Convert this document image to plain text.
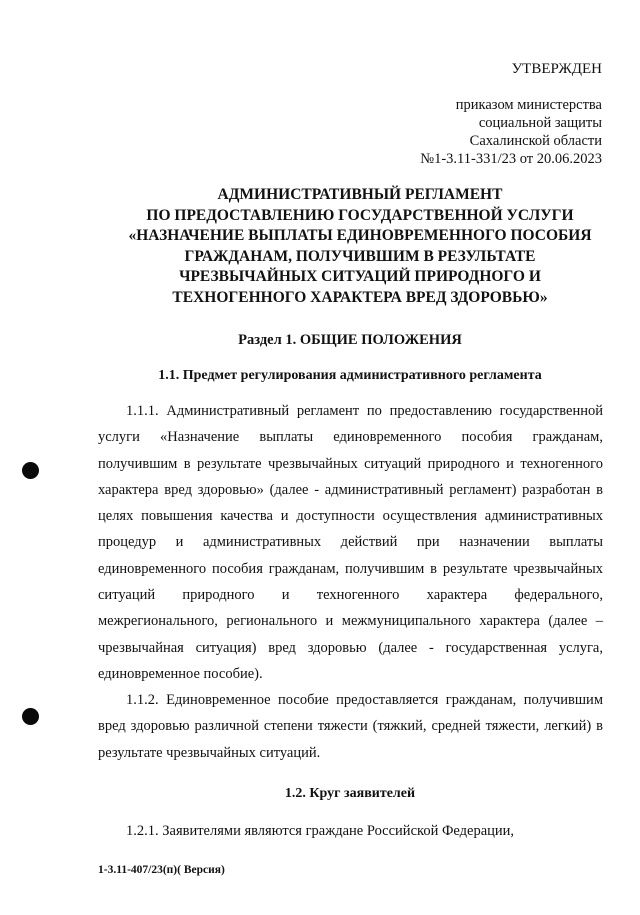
УТВЕРЖДЕН
приказом министерства
социальной защиты
Сахалинской области
№1-3.11-331/23 от 20.06.2023
АДМИНИСТРАТИВНЫЙ РЕГЛАМЕНТ
ПО ПРЕДОСТАВЛЕНИЮ ГОСУДАРСТВЕННОЙ УСЛУГИ
«НАЗНАЧЕНИЕ ВЫПЛАТЫ ЕДИНОВРЕМЕННОГО ПОСОБИЯ
ГРАЖДАНАМ, ПОЛУЧИВШИМ В РЕЗУЛЬТАТЕ
ЧРЕЗВЫЧАЙНЫХ СИТУАЦИЙ ПРИРОДНОГО И
ТЕХНОГЕННОГО ХАРАКТЕРА ВРЕД ЗДОРОВЬЮ»
Раздел 1. ОБЩИЕ ПОЛОЖЕНИЯ
1.1. Предмет регулирования административного регламента

1.1.1. Административный регламент по предоставлению государственной услуги «Назначение выплаты единовременного пособия гражданам, получившим в результате чрезвычайных ситуаций природного и техногенного характера вред здоровью» (далее - административный регламент) разработан в целях повышения качества и доступности осуществления административных процедур и административных действий при назначении выплаты единовременного пособия гражданам, получившим в результате чрезвычайных ситуаций природного и техногенного характера федерального, межрегионального, регионального и межмуниципального характера (далее – чрезвычайная ситуация) вред здоровью (далее - государственная услуга, единовременное пособие).

1.1.2. Единовременное пособие предоставляется гражданам, получившим вред здоровью различной степени тяжести (тяжкий, средней тяжести, легкий) в результате чрезвычайных ситуаций.

1.2. Круг заявителей

1.2.1. Заявителями являются граждане Российской Федерации,

1-3.11-407/23(п)( Версия)
